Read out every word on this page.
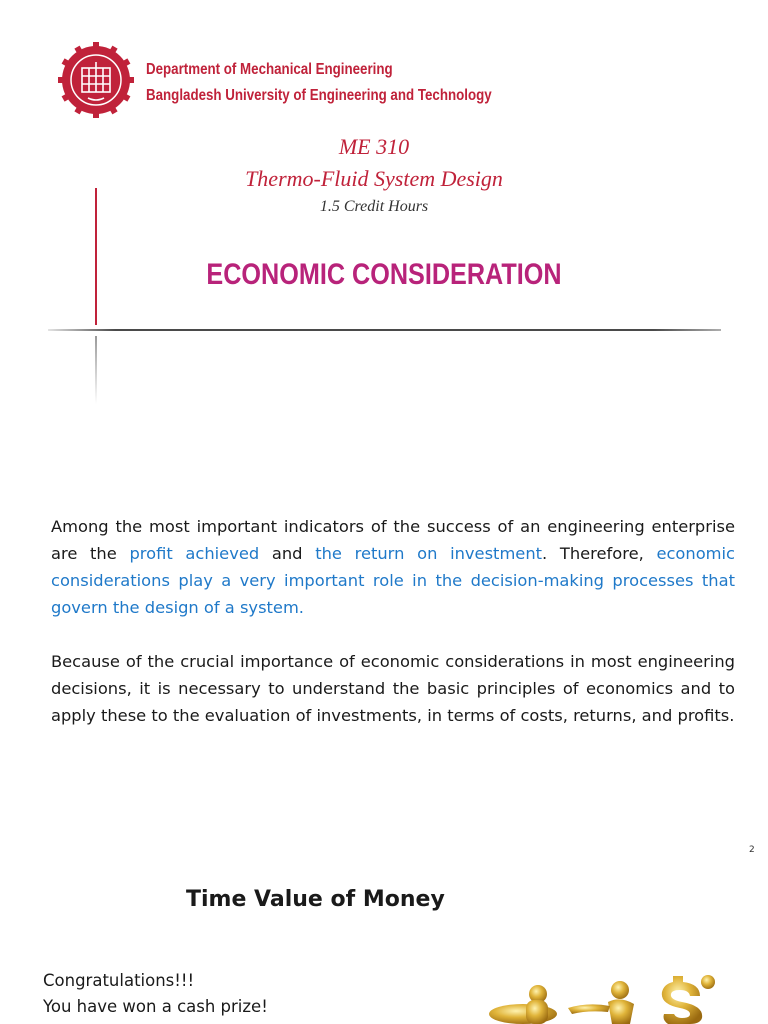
Department of Mechanical Engineering
Bangladesh University of Engineering and Technology
ME 310
Thermo-Fluid System Design
1.5 Credit Hours
ECONOMIC CONSIDERATION

Among the most important indicators of the success of an engineering enterprise are the profit achieved and the return on investment. Therefore, economic considerations play a very important role in the decision-making processes that govern the design of a system.

Because of the crucial importance of economic considerations in most engineering decisions, it is necessary to understand the basic principles of economics and to apply these to the evaluation of investments, in terms of costs, returns, and profits.

2
Time Value of Money
Congratulations!!!
You have won a cash prize!
